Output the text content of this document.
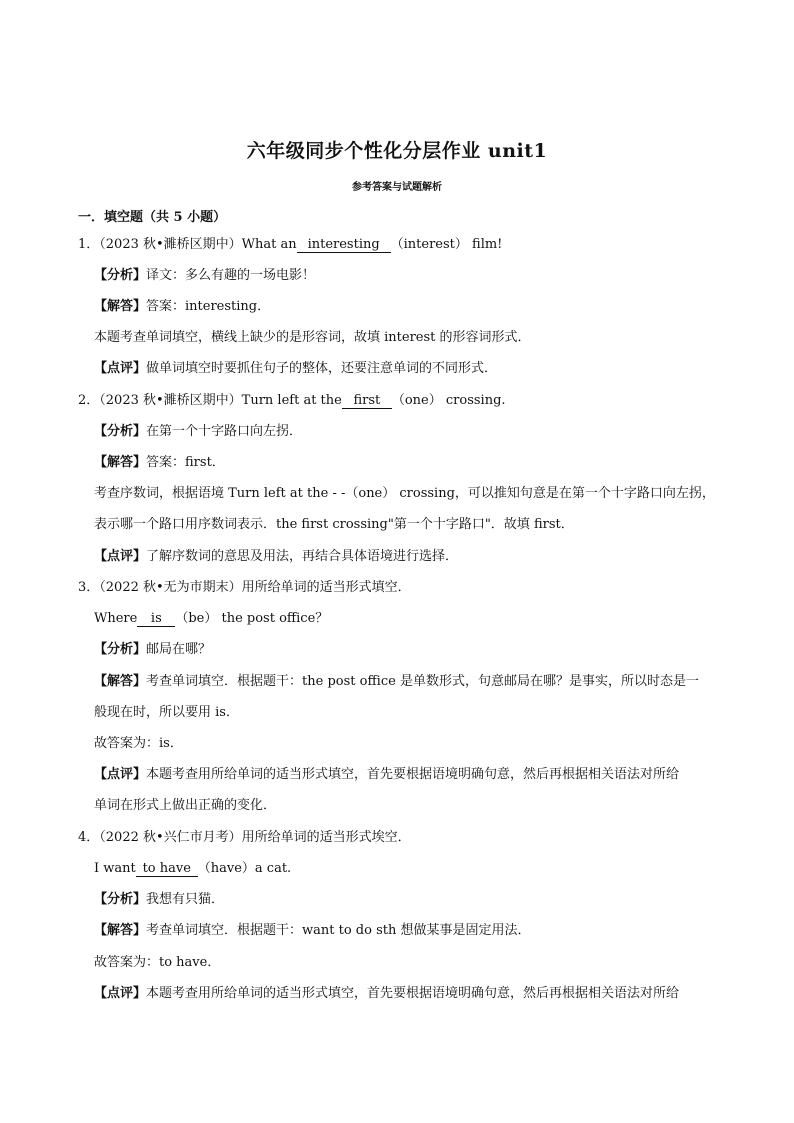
六年级同步个性化分层作业 unit1
参考答案与试题解析
一．填空题（共 5 小题）
1．（2023 秋•濉桥区期中）What an interesting （interest） film!
【分析】译文：多么有趣的一场电影！
【解答】答案：interesting．
本题考查单词填空，横线上缺少的是形容词，故填 interest 的形容词形式．
【点评】做单词填空时要抓住句子的整体，还要注意单词的不同形式．
2．（2023 秋•濉桥区期中）Turn left at the first （one） crossing.
【分析】在第一个十字路口向左拐．
【解答】答案：first．
考查序数词，根据语境 Turn left at the - -（one） crossing，可以推知句意是在第一个十字路口向左拐，
表示哪一个路口用序数词表示．the first crossing"第一个十字路口"．故填 first．
【点评】了解序数词的意思及用法，再结合具体语境进行选择．
3．（2022 秋•无为市期末）用所给单词的适当形式填空．
Where is （be） the post office？
【分析】邮局在哪？
【解答】考查单词填空．根据题干：the post office 是单数形式，句意邮局在哪？是事实，所以时态是一
般现在时，所以要用 is．
故答案为：is．
【点评】本题考查用所给单词的适当形式填空，首先要根据语境明确句意，然后再根据相关语法对所给
单词在形式上做出正确的变化．
4．（2022 秋•兴仁市月考）用所给单词的适当形式埃空．
I want to have （have）a cat.
【分析】我想有只猫．
【解答】考查单词填空．根据题干：want to do sth 想做某事是固定用法．
故答案为：to have．
【点评】本题考查用所给单词的适当形式填空，首先要根据语境明确句意，然后再根据相关语法对所给
